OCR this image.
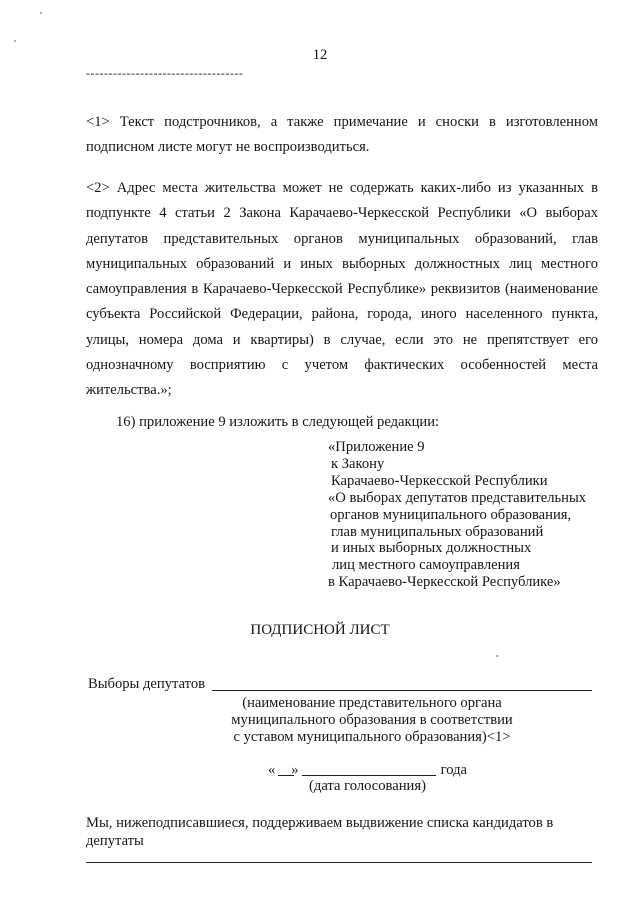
12
-----------------------------------

<1> Текст подстрочников, а также примечание и сноски в изготовленном подписном листе могут не воспроизводиться.

<2> Адрес места жительства может не содержать каких-либо из указанных в подпункте 4 статьи 2 Закона Карачаево-Черкесской Республики «О выборах депутатов представительных органов муниципальных образований, глав муниципальных образований и иных выборных должностных лиц местного самоуправления в Карачаево-Черкесской Республике» реквизитов (наименование субъекта Российской Федерации, района, города, иного населенного пункта, улицы, номера дома и квартиры) в случае, если это не препятствует его однозначному восприятию с учетом фактических особенностей места жительства.»;

16) приложение 9 изложить в следующей редакции:

«Приложение 9
к Закону
Карачаево-Черкесской Республики
«О выборах депутатов представительных
органов муниципального образования,
глав муниципальных образований
и иных выборных должностных
лиц местного самоуправления
в Карачаево-Черкесской Республике»
ПОДПИСНОЙ ЛИСТ
Выборы депутатов
(наименование представительного органа
муниципального образования в соответствии
с уставом муниципального образования)<1>
« »	года
(дата голосования)

Мы, нижеподписавшиеся, поддерживаем выдвижение списка кандидатов в депутаты
